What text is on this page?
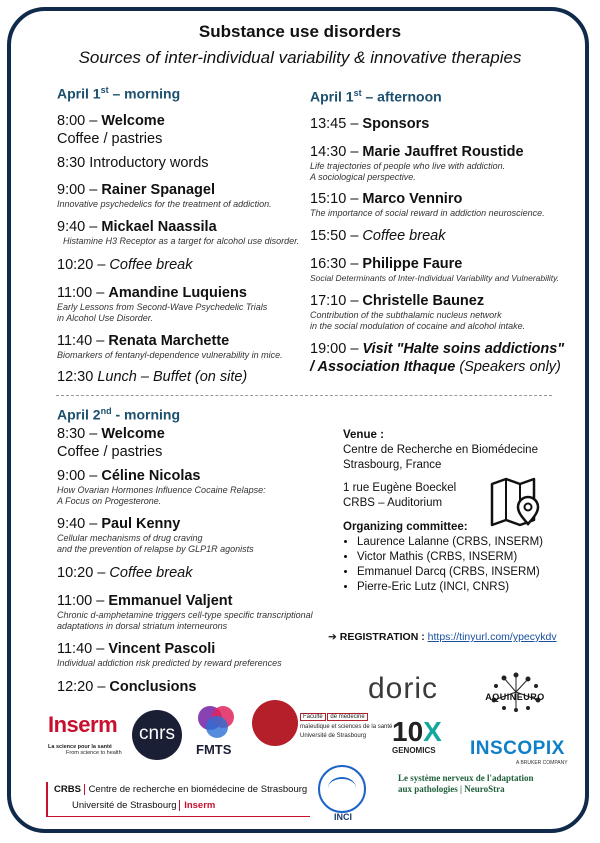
Substance use disorders
Sources of inter-individual variability & innovative therapies
April 1st – morning
8:00 – Welcome
Coffee / pastries
8:30 Introductory words
9:00 – Rainer Spanagel
Innovative psychedelics for the treatment of addiction.
9:40 – Mickael Naassila
Histamine H3 Receptor as a target for alcohol use disorder.
10:20 – Coffee break
11:00 – Amandine Luquiens
Early Lessons from Second-Wave Psychedelic Trials
in Alcohol Use Disorder.
11:40 – Renata Marchette
Biomarkers of fentanyl-dependence vulnerability in mice.
12:30 Lunch – Buffet (on site)
April 1st – afternoon
13:45 – Sponsors
14:30 – Marie Jauffret Roustide
Life trajectories of people who live with addiction.
A sociological perspective.
15:10 – Marco Venniro
The importance of social reward in addiction neuroscience.
15:50 – Coffee break
16:30 – Philippe Faure
Social Determinants of Inter-Individual Variability and Vulnerability.
17:10 – Christelle Baunez
Contribution of the subthalamic nucleus network
in the social modulation of cocaine and alcohol intake.
19:00 – Visit "Halte soins addictions"
/ Association Ithaque (Speakers only)
April 2nd - morning
8:30 – Welcome
Coffee / pastries
9:00 – Céline Nicolas
How Ovarian Hormones Influence Cocaine Relapse:
A Focus on Progesterone.
9:40 – Paul Kenny
Cellular mechanisms of drug craving
and the prevention of relapse by GLP1R agonists
10:20 – Coffee break
11:00 – Emmanuel Valjent
Chronic d-amphetamine triggers cell-type specific transcriptional
adaptations in dorsal striatum interneurons
11:40 – Vincent Pascoli
Individual addiction risk predicted by reward preferences
12:20 – Conclusions
Venue :
Centre de Recherche en Biomédecine
Strasbourg, France
1 rue Eugène Boeckel
CRBS – Auditorium
Organizing committee:
• Laurence Lalanne (CRBS, INSERM)
• Victor Mathis (CRBS, INSERM)
• Emmanuel Darcq (CRBS, INSERM)
• Pierre-Eric Lutz (INCI, CNRS)
➔ REGISTRATION : https://tinyurl.com/ypecykdv
doric	AQUINEURO
Inserm
La science pour la santé
From science to health
cnrs
FMTS
Faculté de médecine
maïeutique et sciences de la santé
Université de Strasbourg 10X
GENOMICS	INSCOPIX
A BRUKER COMPANY
CRBS Centre de recherche en biomédecine de Strasbourg
Université de Strasbourg Inserm
INCI
Le système nerveux de l'adaptation
aux pathologies | NeuroStra
